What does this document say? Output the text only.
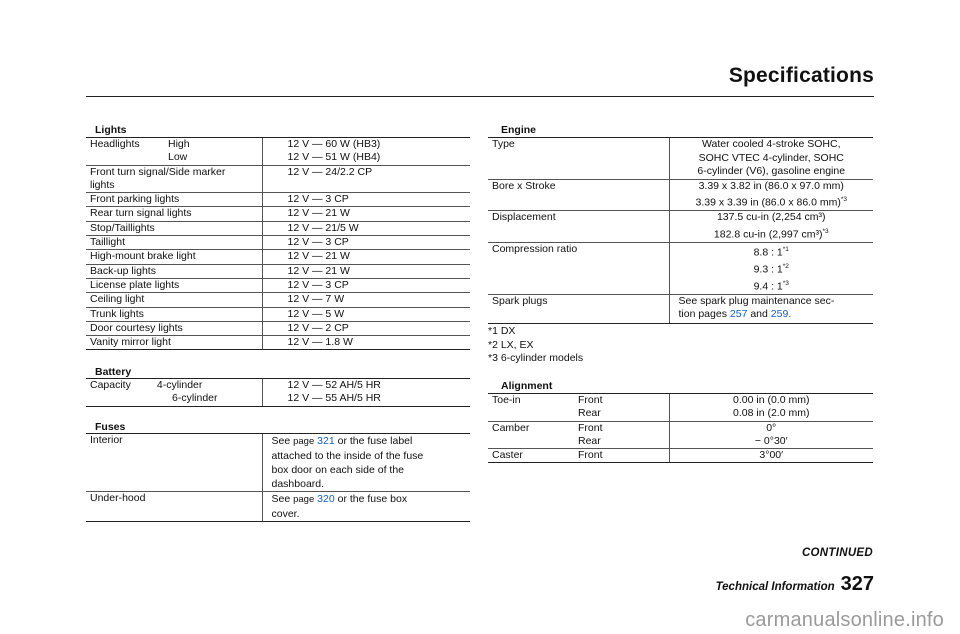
Specifications
Lights
Headlights High	12 V — 60 W (HB3)
Low	12 V — 51 W (HB4)
Front turn signal/Side marker
lights	12 V — 24/2.2 CP
Front parking lights	12 V — 3 CP
Rear turn signal lights	12 V — 21 W
Stop/Taillights	12 V — 21/5 W
Taillight	12 V — 3 CP
High-mount brake light	12 V — 21 W
Back-up lights	12 V — 21 W
License plate lights	12 V — 3 CP
Ceiling light	12 V — 7 W
Trunk lights	12 V — 5 W
Door courtesy lights	12 V — 2 CP
Vanity mirror light	12 V — 1.8 W
Battery
Capacity 4-cylinder	12 V — 52 AH/5 HR
6-cylinder	12 V — 55 AH/5 HR
Fuses
Interior	See page 321 or the fuse label
attached to the inside of the fuse
box door on each side of the
dashboard.
Under-hood	See page 320 or the fuse box
cover.
Engine
Type	Water cooled 4-stroke SOHC,
SOHC VTEC 4-cylinder, SOHC
6-cylinder (V6), gasoline engine
Bore x Stroke	3.39 x 3.82 in (86.0 x 97.0 mm)
3.39 x 3.39 in (86.0 x 86.0 mm)$^{*3}$
Displacement	137.5 cu-in (2,254 cm³)
182.8 cu-in (2,997 cm³)$^{*3}$
Compression ratio	8.8 : 1$^{*1}$
9.3 : 1$^{*2}$
9.4 : 1$^{*3}$
Spark plugs	See spark plug maintenance sec-
tion pages 257 and 259.
*1 DX
*2 LX, EX
*3 6-cylinder models
Alignment
Toe-in Front	0.00 in (0.0 mm)
Rear	0.08 in (2.0 mm)
Camber Front	0°
Rear	− 0°30′
Caster Front	3°00′
CONTINUED
Technical Information 327
carmanualsonline.info
